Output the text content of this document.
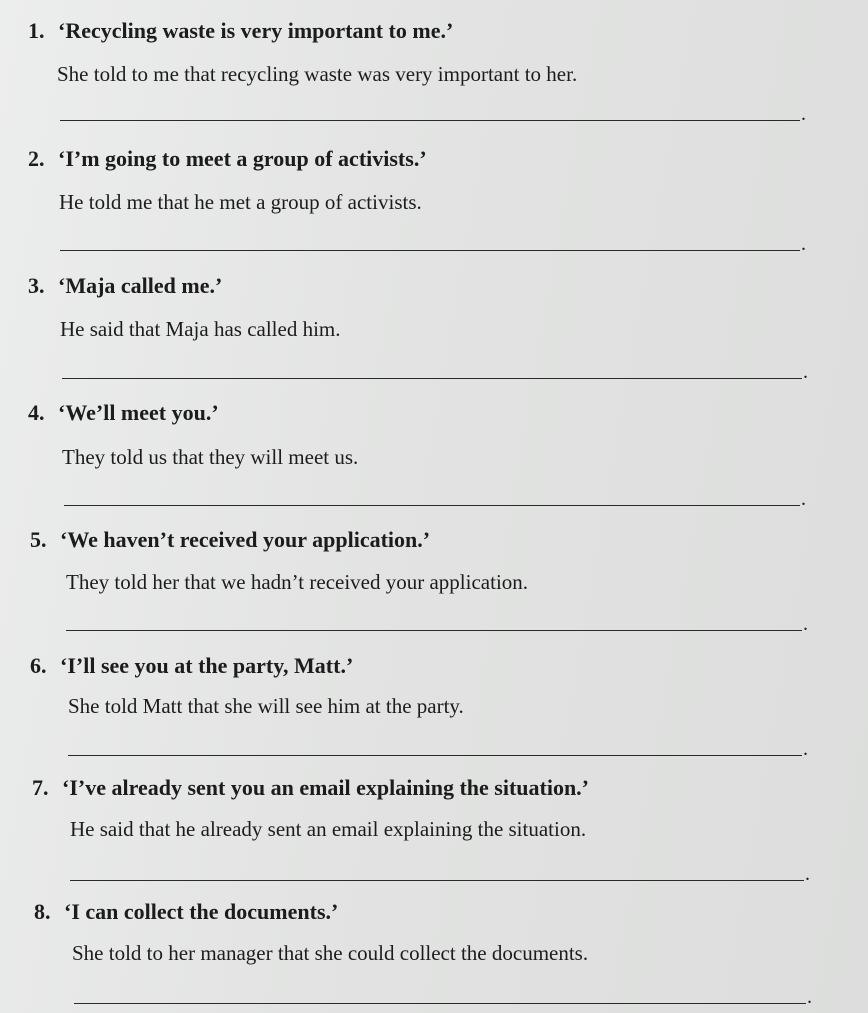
1. ‘Recycling waste is very important to me.’
She told to me that recycling waste was very important to her.
.
2. ‘I’m going to meet a group of activists.’
He told me that he met a group of activists.
.
3. ‘Maja called me.’
He said that Maja has called him.
.
4. ‘We’ll meet you.’
They told us that they will meet us.
.
5. ‘We haven’t received your application.’
They told her that we hadn’t received your application.
.
6. ‘I’ll see you at the party, Matt.’
She told Matt that she will see him at the party.
.
7. ‘I’ve already sent you an email explaining the situation.’
He said that he already sent an email explaining the situation.
.
8. ‘I can collect the documents.’
She told to her manager that she could collect the documents.
.
